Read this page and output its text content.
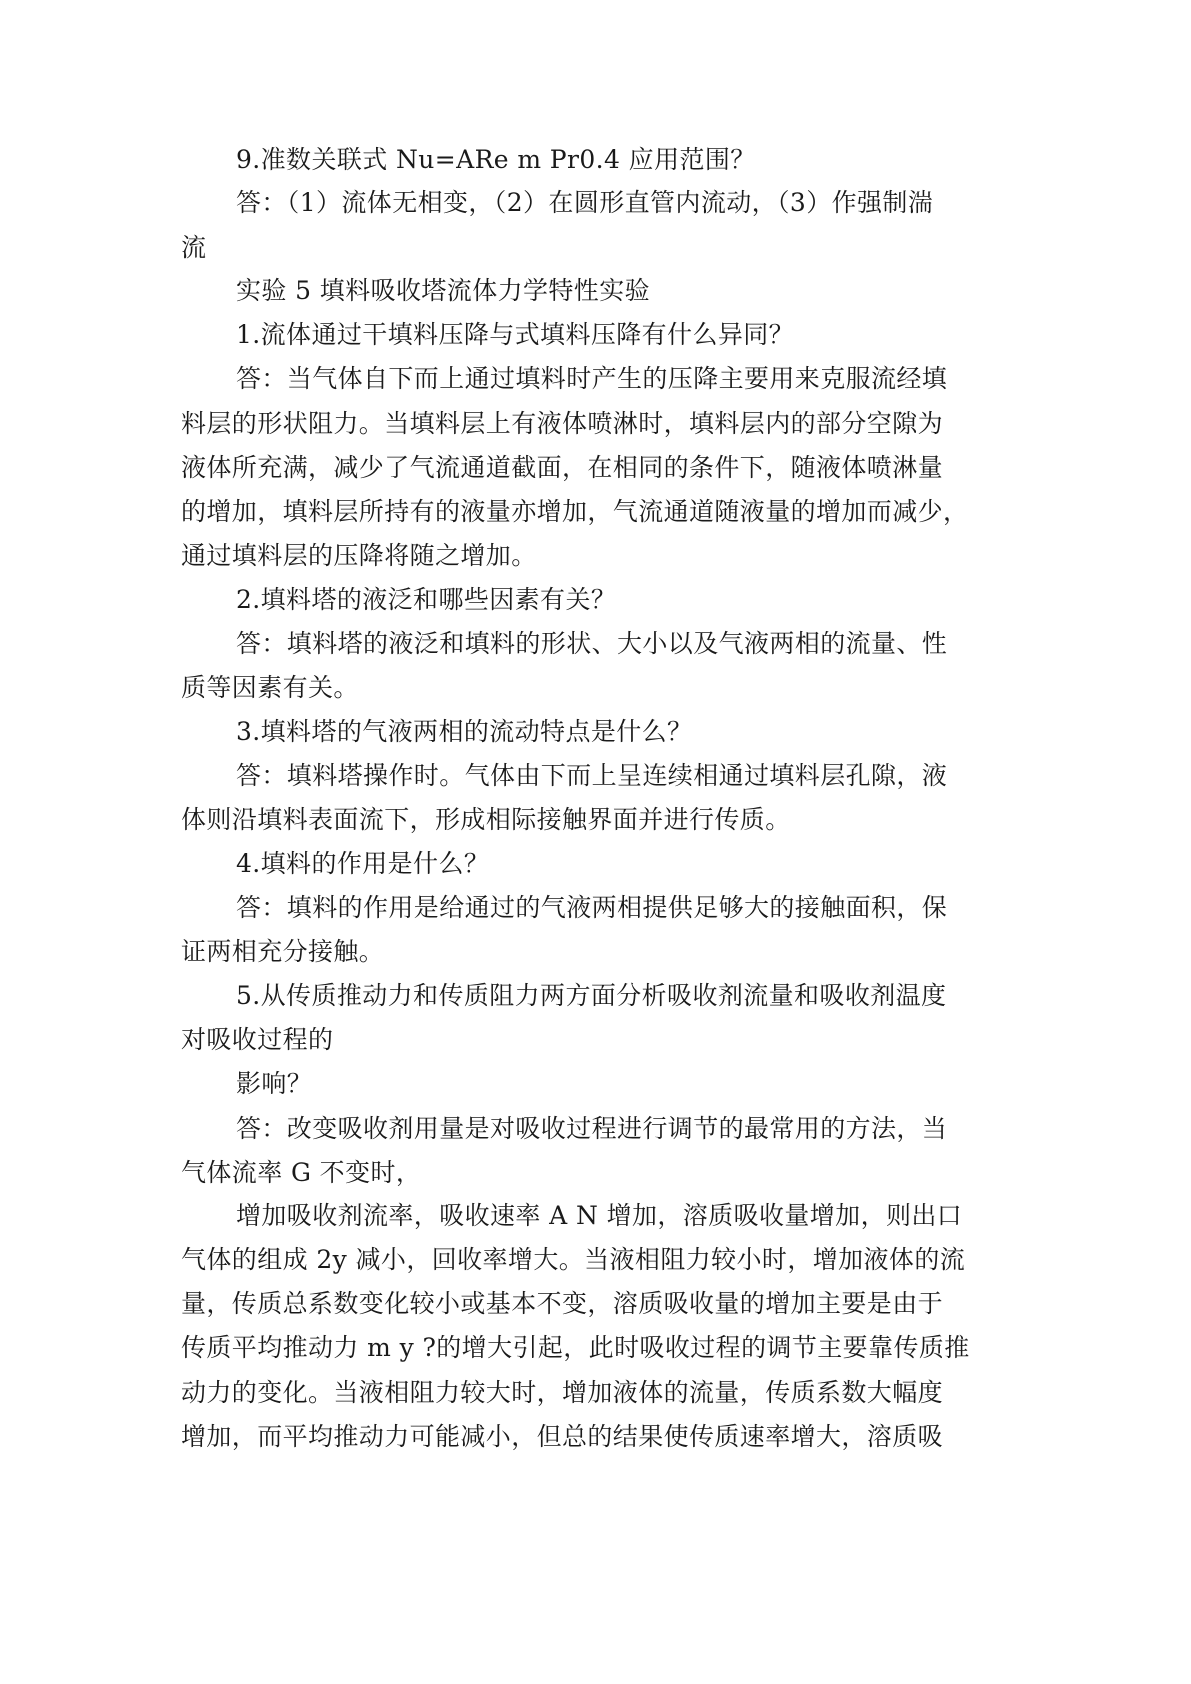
9.准数关联式 Nu=ARe m Pr0.4 应用范围？
答：（1）流体无相变，（2）在圆形直管内流动，（3）作强制湍
流
实验 5 填料吸收塔流体力学特性实验
1.流体通过干填料压降与式填料压降有什么异同？
答：当气体自下而上通过填料时产生的压降主要用来克服流经填
料层的形状阻力。当填料层上有液体喷淋时，填料层内的部分空隙为
液体所充满，减少了气流通道截面，在相同的条件下，随液体喷淋量
的增加，填料层所持有的液量亦增加，气流通道随液量的增加而减少，
通过填料层的压降将随之增加。
2.填料塔的液泛和哪些因素有关？
答：填料塔的液泛和填料的形状、大小以及气液两相的流量、性
质等因素有关。
3.填料塔的气液两相的流动特点是什么？
答：填料塔操作时。气体由下而上呈连续相通过填料层孔隙，液
体则沿填料表面流下，形成相际接触界面并进行传质。
4.填料的作用是什么？
答：填料的作用是给通过的气液两相提供足够大的接触面积，保
证两相充分接触。
5.从传质推动力和传质阻力两方面分析吸收剂流量和吸收剂温度
对吸收过程的
影响？
答：改变吸收剂用量是对吸收过程进行调节的最常用的方法，当
气体流率 G 不变时，
增加吸收剂流率，吸收速率 A N 增加，溶质吸收量增加，则出口
气体的组成 2y 减小，回收率增大。当液相阻力较小时，增加液体的流
量，传质总系数变化较小或基本不变，溶质吸收量的增加主要是由于
传质平均推动力 m y ?的增大引起，此时吸收过程的调节主要靠传质推
动力的变化。当液相阻力较大时，增加液体的流量，传质系数大幅度
增加，而平均推动力可能减小，但总的结果使传质速率增大，溶质吸
